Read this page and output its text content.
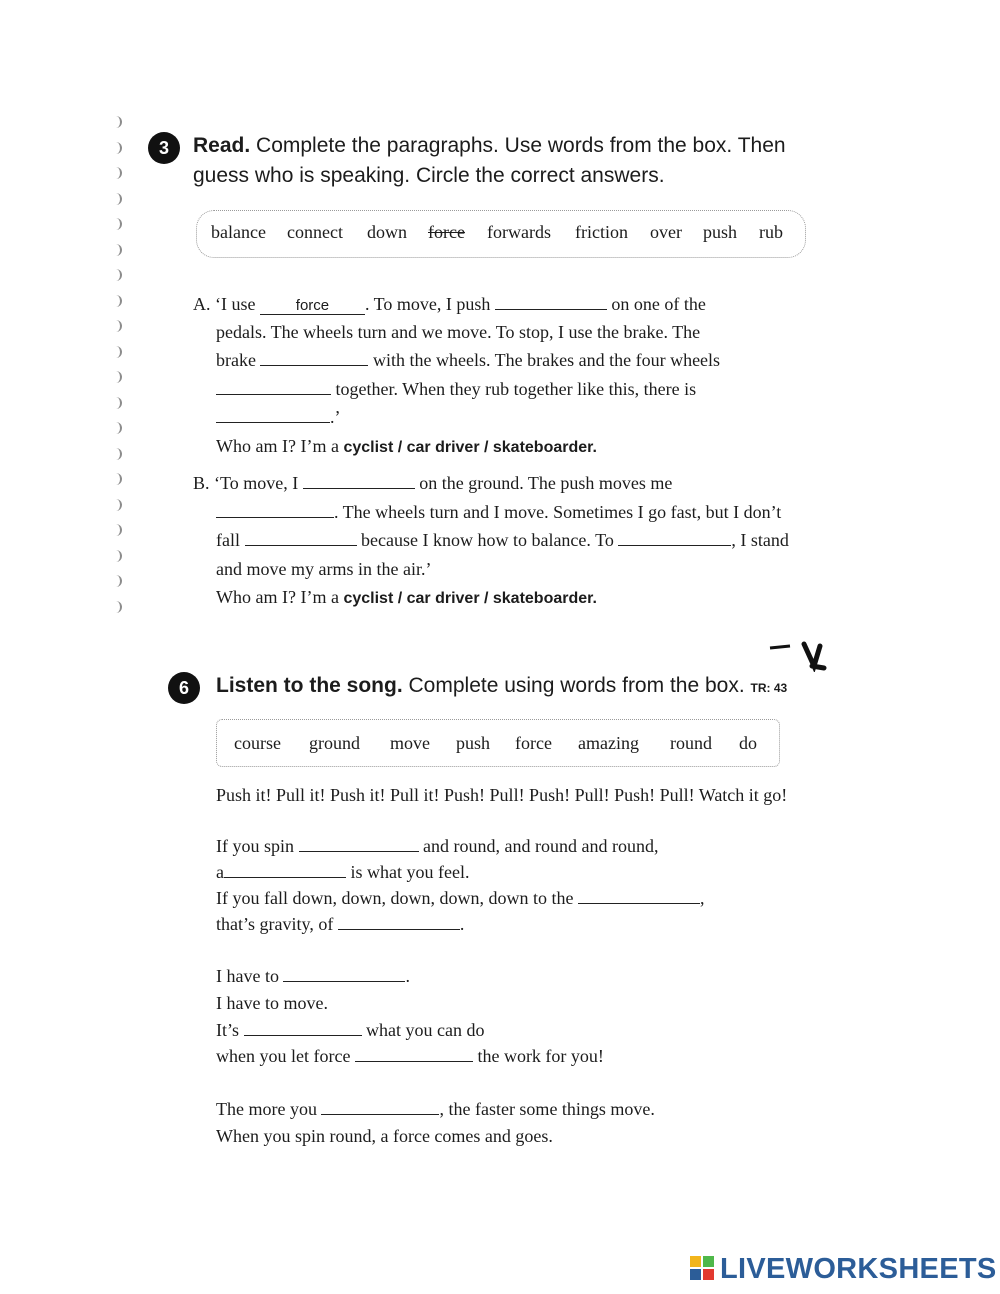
3	Read. Complete the paragraphs. Use words from the box. Then
guess who is speaking. Circle the correct answers.
balance connect down force forwards friction over push rub
A. ‘I use	force . To move, I push	on one of the
pedals. The wheels turn and we move. To stop, I use the brake. The
brake	with the wheels. The brakes and the four wheels
together. When they rub together like this, there is
.’
Who am I? I’m a cyclist / car driver / skateboarder.
B. ‘To move, I	on the ground. The push moves me
. The wheels turn and I move. Sometimes I go fast, but I don’t
fall	because I know how to balance. To	, I stand
and move my arms in the air.’
Who am I? I’m a cyclist / car driver / skateboarder.
6	Listen to the song. Complete using words from the box. TR: 43
course ground move push force amazing round do
Push it! Pull it! Push it! Pull it! Push! Pull! Push! Pull! Push! Pull! Watch it go!
If you spin	and round, and round and round,
a	is what you feel.
If you fall down, down, down, down, down to the	,
that’s gravity, of	.
I have to	.
I have to move.
It’s	what you can do
when you let force	the work for you!
The more you	, the faster some things move.
When you spin round, a force comes and goes.
LIVEWORKSHEETS
